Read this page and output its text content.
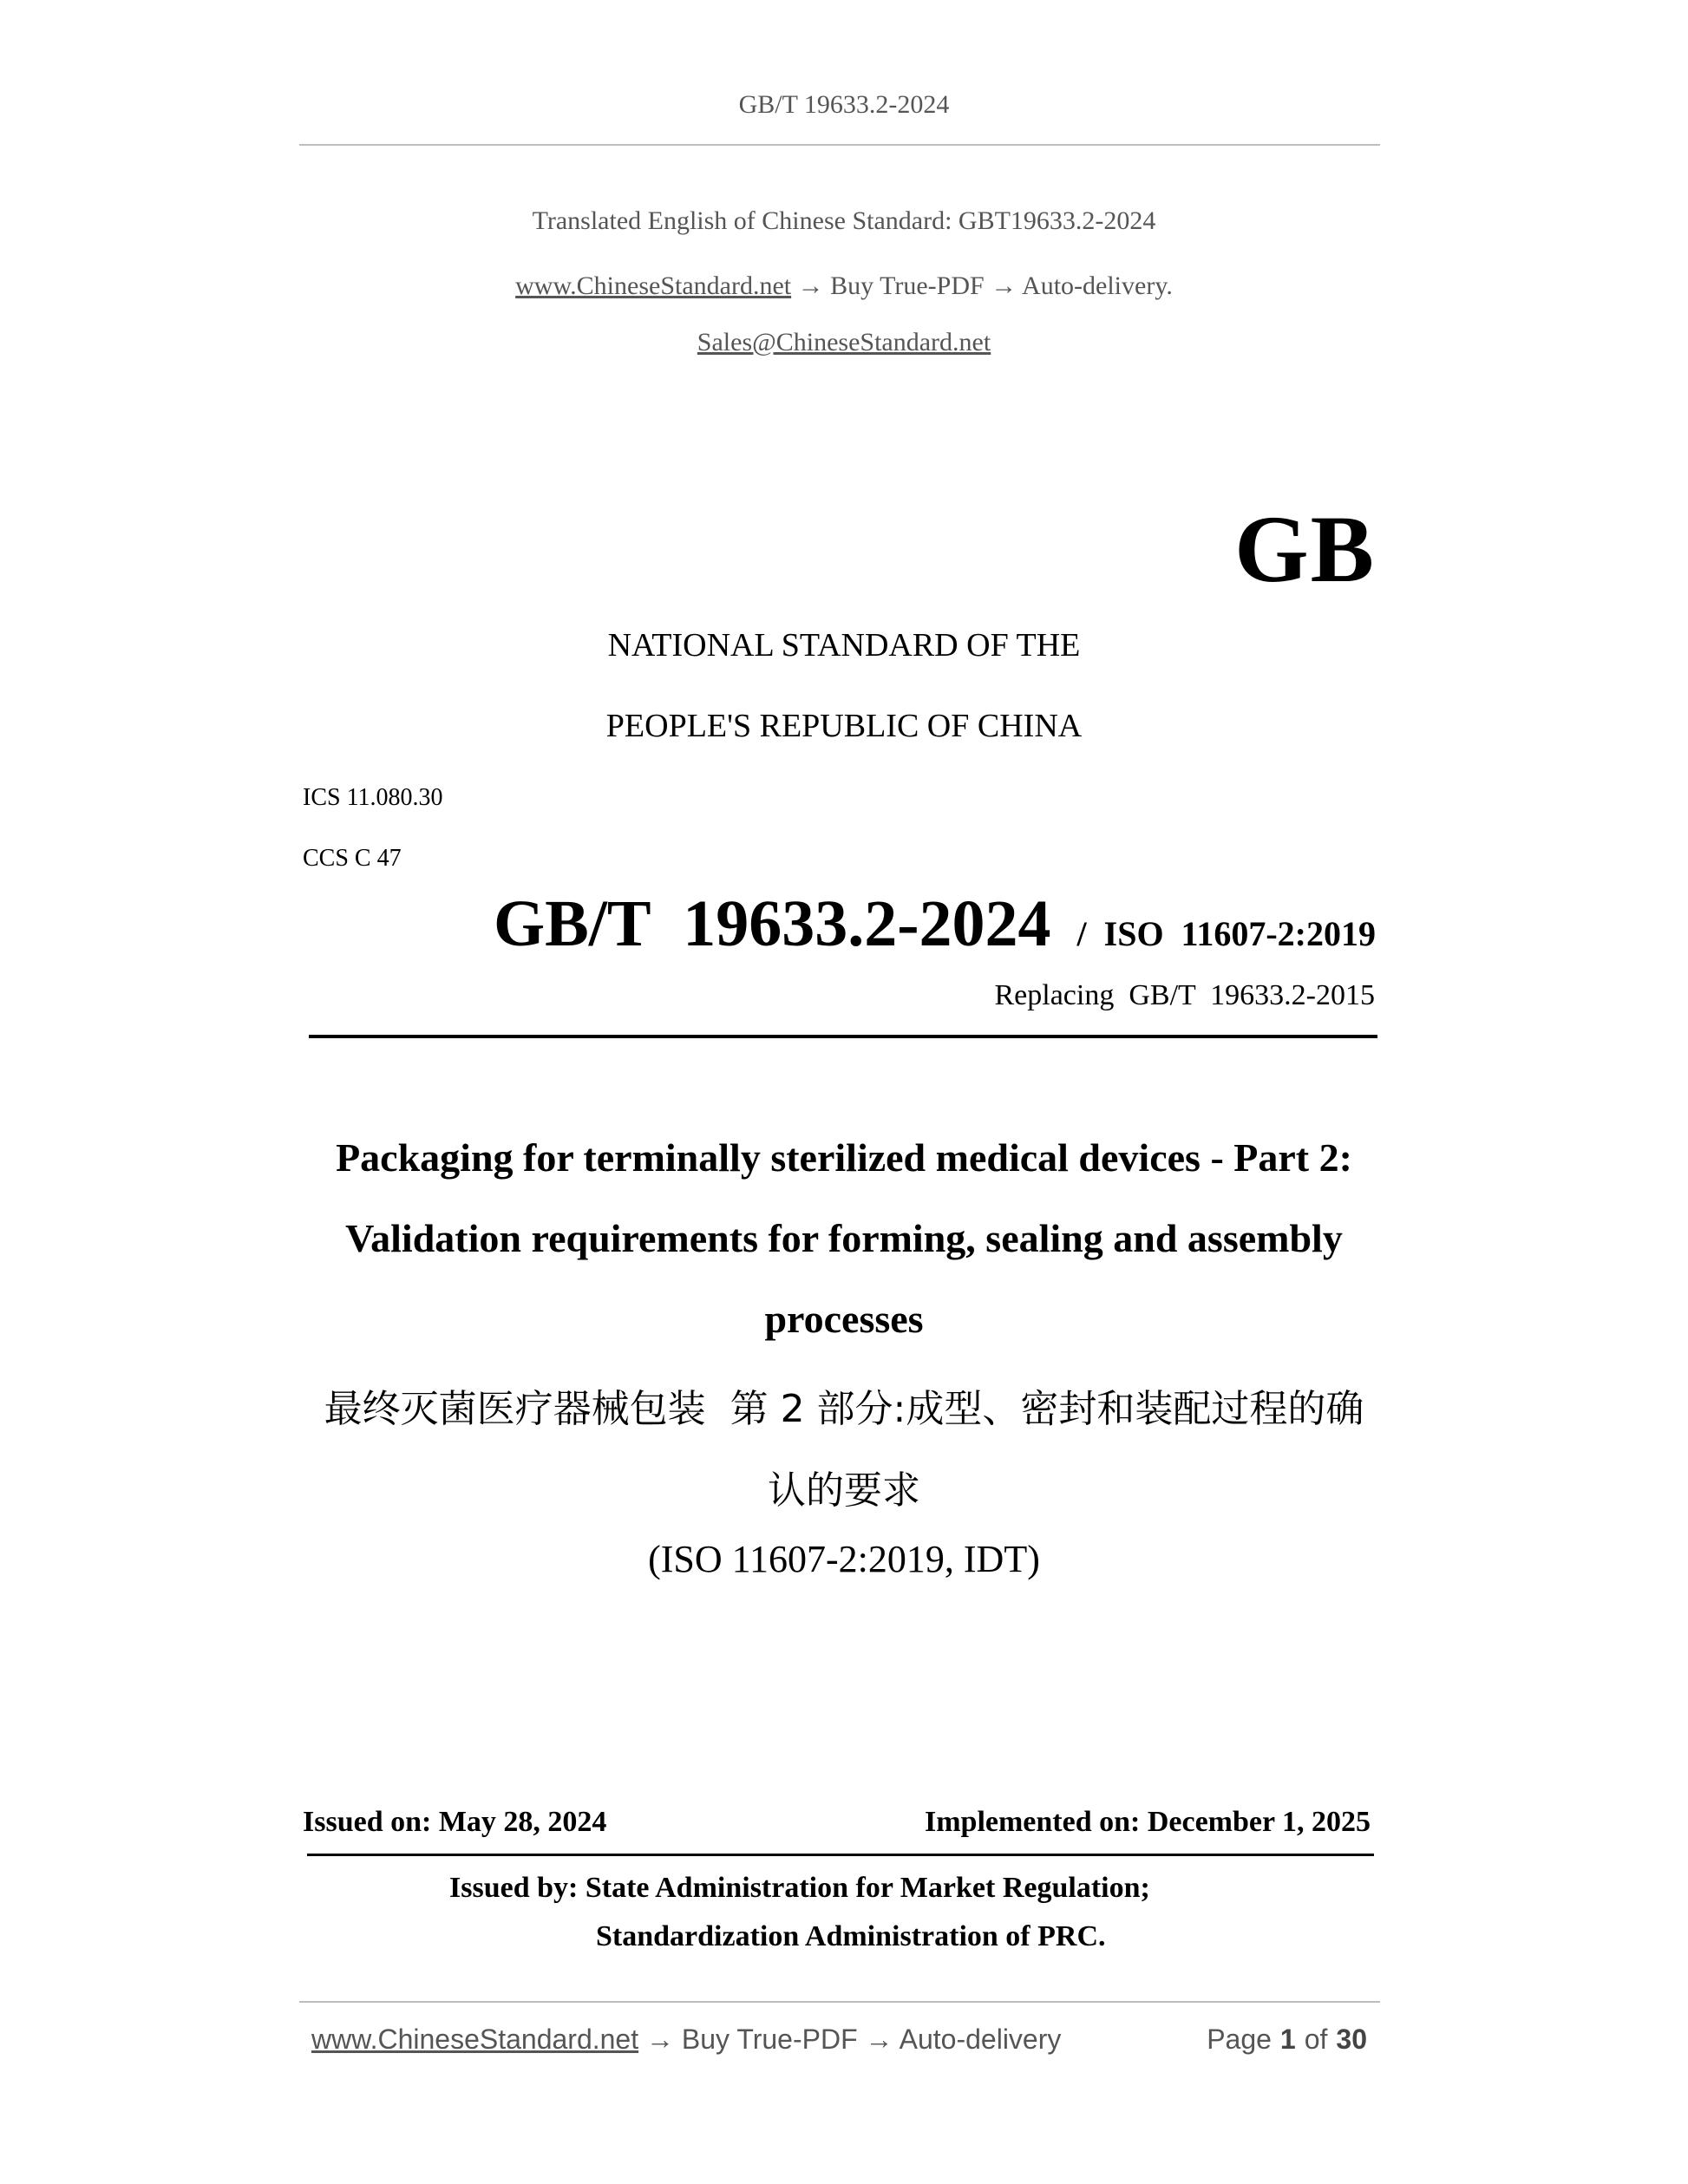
GB/T 19633.2-2024
Translated English of Chinese Standard: GBT19633.2-2024
www.ChineseStandard.net → Buy True-PDF → Auto-delivery.
Sales@ChineseStandard.net
GB
NATIONAL STANDARD OF THE
PEOPLE'S REPUBLIC OF CHINA
ICS 11.080.30
CCS C 47
GB/T  19633.2-2024 /  ISO  11607-2:2019
Replacing  GB/T  19633.2-2015
Packaging for terminally sterilized medical devices - Part 2:
Validation requirements for forming, sealing and assembly
processes
最终灭菌医疗器械包装  第 2 部分:成型、密封和装配过程的确
认的要求
(ISO 11607-2:2019, IDT)
Issued on: May 28, 2024	Implemented on: December 1, 2025
Issued by: State Administration for Market Regulation;
Standardization Administration of PRC.
www.ChineseStandard.net → Buy True-PDF → Auto-delivery	Page 1 of 30
